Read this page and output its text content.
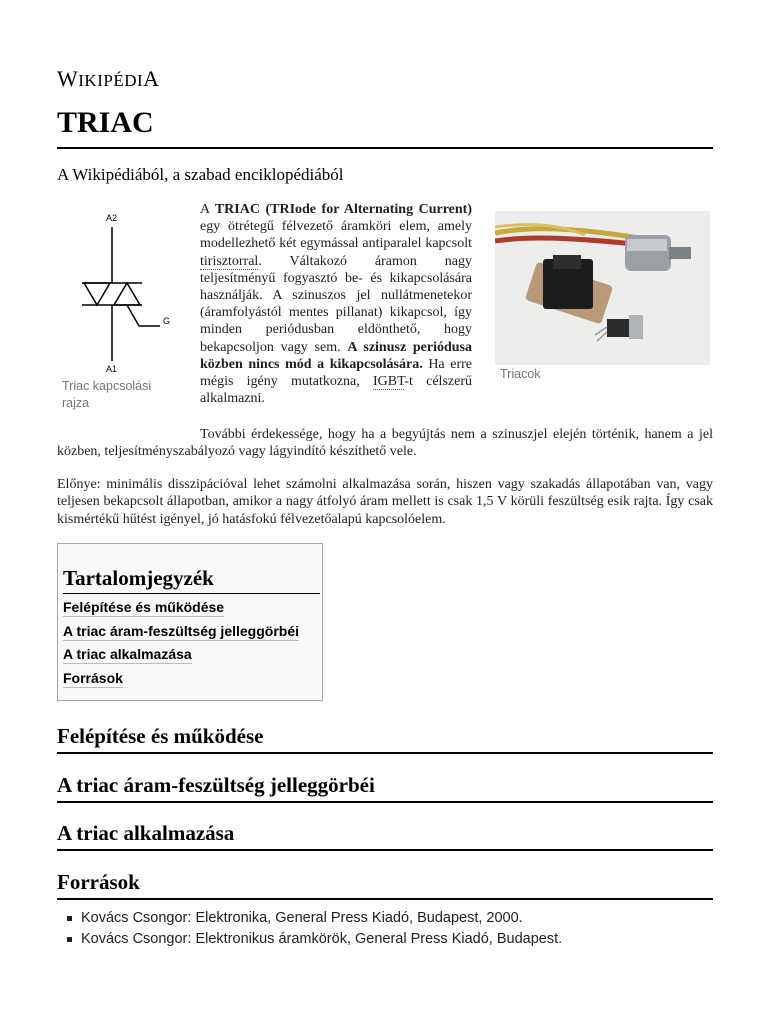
WIKIPÉDIA
TRIAC
A Wikipédiából, a szabad enciklopédiából
A2
A1
G
Triac kapcsolási rajza

A TRIAC (TRIode for Alternating Current) egy ötrétegű félvezető áramköri elem, amely modellezhető két egymással antiparalel kapcsolt tirisztorral. Váltakozó áramon nagy teljesítményű fogyasztó be- és kikapcsolására használják. A szinuszos jel nullátmenetekor (áramfolyástól mentes pillanat) kikapcsol, így minden periódusban eldönthető, hogy bekapcsoljon vagy sem. A szinusz periódusa közben nincs mód a kikapcsolására. Ha erre mégis igény mutatkozna, IGBT-t célszerű alkalmazni.

Triacok

További érdekessége, hogy ha a begyújtás nem a szinuszjel elején történik, hanem a jel közben, teljesítményszabályozó vagy lágyindító készíthető vele.

Előnye: minimális disszipációval lehet számolni alkalmazása során, hiszen vagy szakadás állapotában van, vagy teljesen bekapcsolt állapotban, amikor a nagy átfolyó áram mellett is csak 1,5 V körüli feszültség esik rajta. Így csak kismértékű hűtést igényel, jó hatásfokú félvezetőalapú kapcsolóelem.

Tartalomjegyzék
Felépítése és működése
A triac áram-feszültség jelleggörbéi
A triac alkalmazása
Források
Felépítése és működése
A triac áram-feszültség jelleggörbéi
A triac alkalmazása
Források
Kovács Csongor: Elektronika, General Press Kiadó, Budapest, 2000.
Kovács Csongor: Elektronikus áramkörök, General Press Kiadó, Budapest.
